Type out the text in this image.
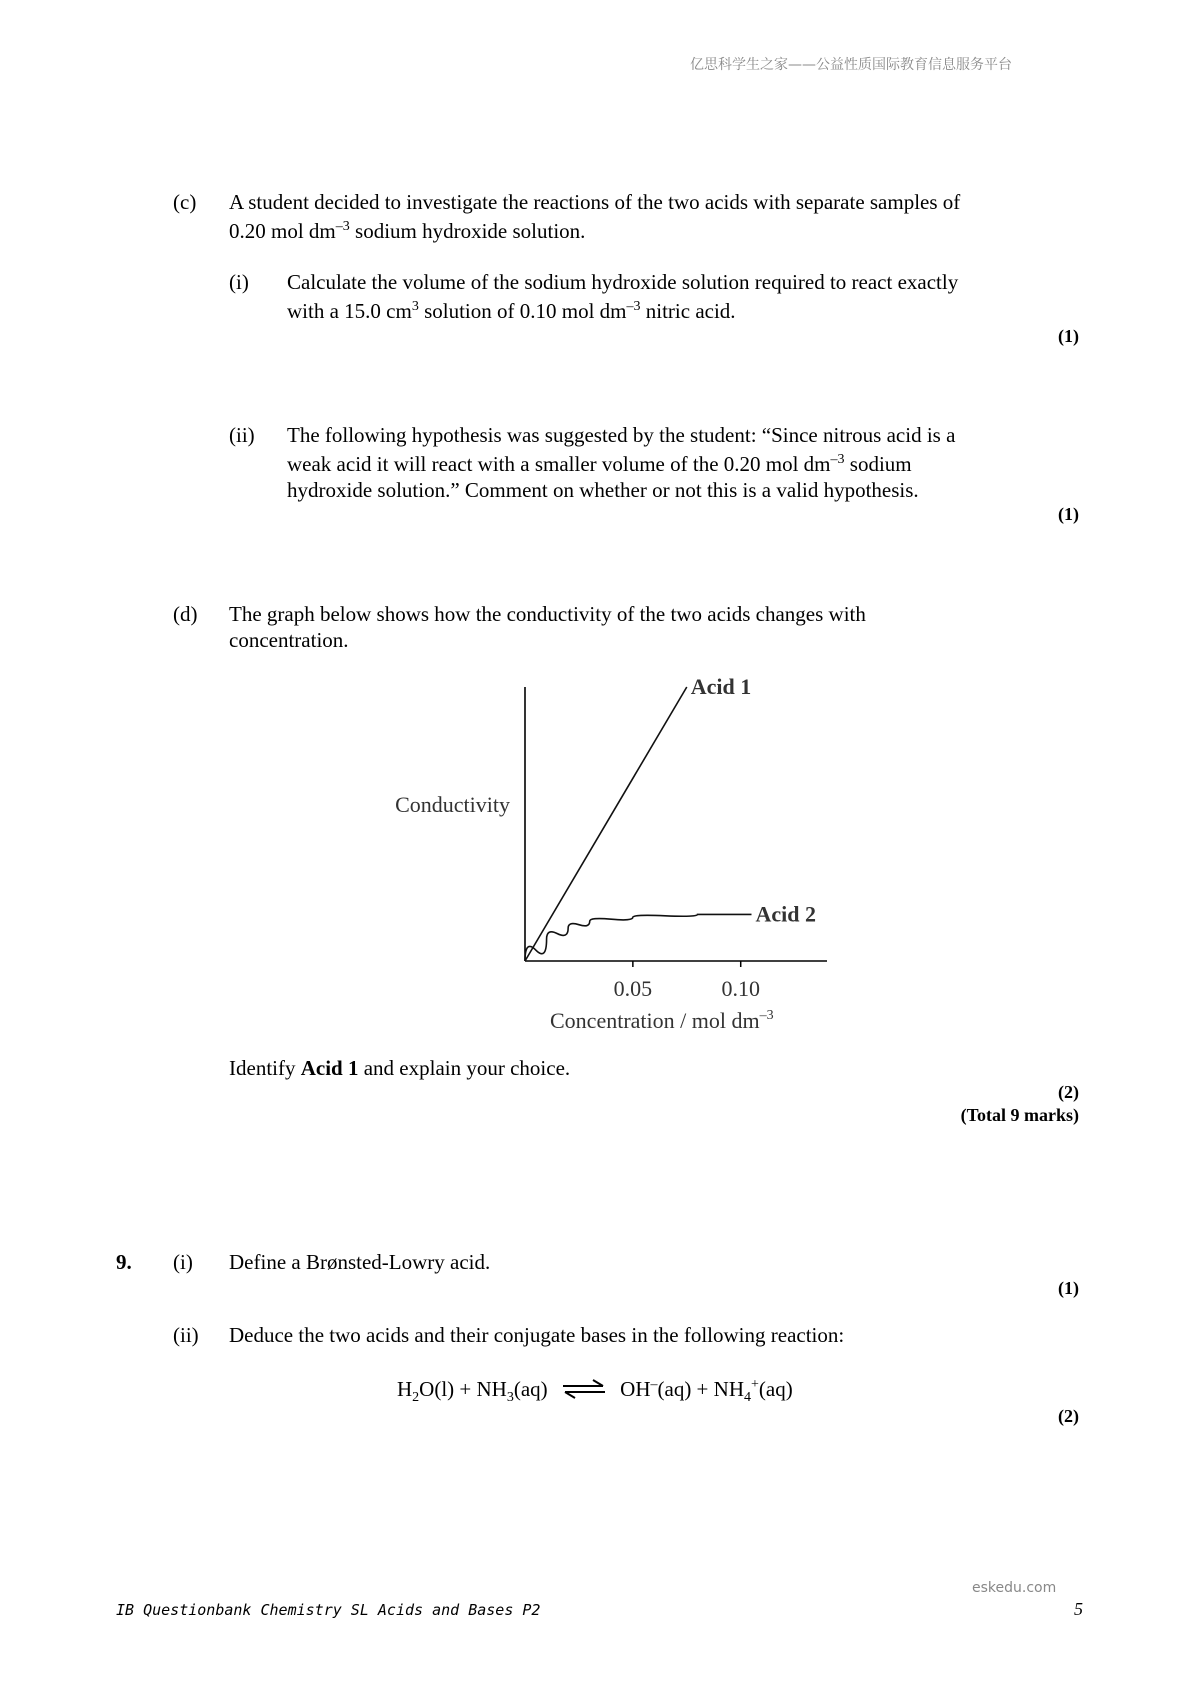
亿思科学生之家——公益性质国际教育信息服务平台
(c) A student decided to investigate the reactions of the two acids with separate samples of
0.20 mol $dm^{-3}$ sodium hydroxide solution.
(i) Calculate the volume of the sodium hydroxide solution required to react exactly
with a 15.0 $cm^3$ solution of 0.10 mol $dm^{-3}$ nitric acid.
(1)
(ii) The following hypothesis was suggested by the student: “Since nitrous acid is a
weak acid it will react with a smaller volume of the 0.20 mol $dm^{-3}$ sodium
hydroxide solution.” Comment on whether or not this is a valid hypothesis.
(1)
(d) The graph below shows how the conductivity of the two acids changes with
concentration.
0.05	0.10
Acid 1
Acid 2
Conductivity
Concentration / mol $dm^{-3}$
Identify Acid 1 and explain your choice.
(2)
(Total 9 marks)
9. (i) Define a Brønsted-Lowry acid.
(1)
(ii) Deduce the two acids and their conjugate bases in the following reaction:
$H_2O(l) + NH_3(aq)$ ⇌ $OH^-(aq) + NH_4^+(aq)$
(2)
eskedu.com
IB Questionbank Chemistry SL Acids and Bases P2	5
